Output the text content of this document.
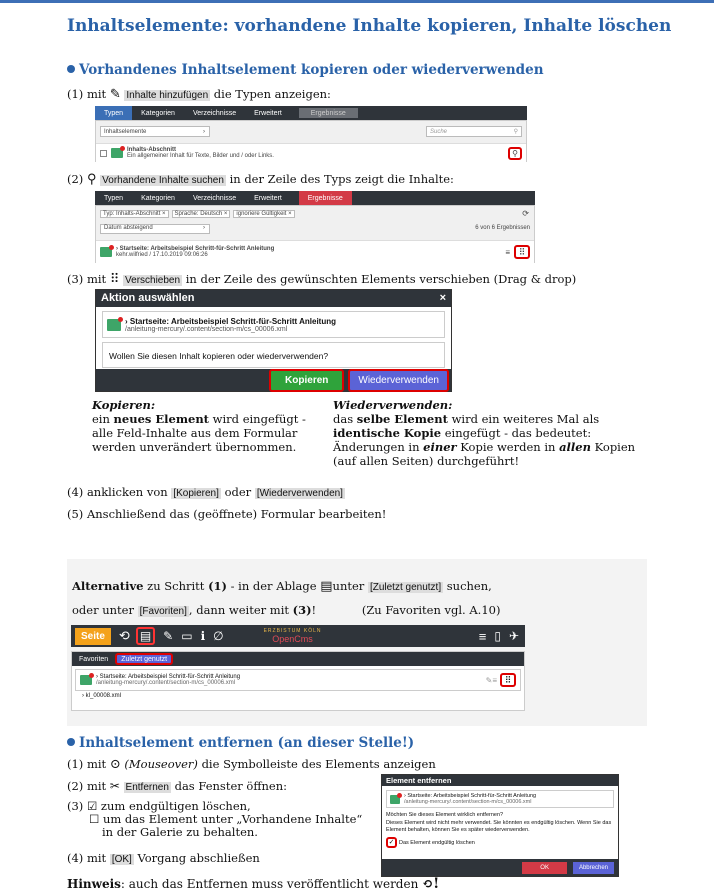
Inhaltselemente: vorhandene Inhalte kopieren, Inhalte löschen
Vorhandenes Inhaltselement kopieren oder wiederverwenden
(1) mit ✎ Inhalte hinzufügen die Typen anzeigen:
Typen	Kategorien	Verzeichnisse	Erweitert	Ergebnisse
Inhaltselemente	›	Suche	⚲
Inhalts-Abschnitt
Ein allgemeiner Inhalt für Texte, Bilder und / oder Links.	⚲
(2) ⚲ Vorhandene Inhalte suchen in der Zeile des Typs zeigt die Inhalte:
Typen	Kategorien	Verzeichnisse	Erweitert	Ergebnisse
Typ: Inhalts-Abschnitt ×	Sprache: Deutsch ×	ignoriere Gültigkeit ×	⟳
Datum absteigend	›	6 von 6 Ergebnissen
› Startseite: Arbeitsbeispiel Schritt-für-Schritt Anleitung
kehr.wilfried / 17.10.2019 09:06:26	≡ ⠿
(3) mit ⠿ Verschieben in der Zeile des gewünschten Elements verschieben (Drag & drop)
Aktion auswählen	×
› Startseite: Arbeitsbeispiel Schritt-für-Schritt Anleitung
/anleitung-mercury/.content/section-m/cs_00006.xml
Wollen Sie diesen Inhalt kopieren oder wiederverwenden?
Kopieren	Wiederverwenden
Kopieren:
ein neues Element wird eingefügt -
alle Feld-Inhalte aus dem Formular
werden unverändert übernommen.
Wiederverwenden:
das selbe Element wird ein weiteres Mal als
identische Kopie eingefügt - das bedeutet:
Änderungen in einer Kopie werden in allen Kopien
(auf allen Seiten) durchgeführt!
(4) anklicken von [Kopieren] oder [Wiederverwenden]
(5) Anschließend das (geöffnete) Formular bearbeiten!
Alternative zu Schritt (1) - in der Ablage ▤unter [Zuletzt genutzt] suchen,
oder unter [Favoriten] , dann weiter mit (3)!	(Zu Favoriten vgl. A.10)
Seite	⟲ ▤	✎ ▭ ℹ ∅	ERZBISTUM KÖLN
OpenCms	≡ ▯ ✈
Favoriten	Zuletzt genutzt
› Startseite: Arbeitsbeispiel Schritt-für-Schritt Anleitung
/anleitung-mercury/.content/section-m/cs_00006.xml	✎≡ ⠿
› kl_00008.xml
Inhaltselement entfernen (an dieser Stelle!)
(1) mit ⊙ (Mouseover) die Symbolleiste des Elements anzeigen
(2) mit ✂ Entfernen das Fenster öffnen:
(3) ☑ zum endgültigen löschen,
☐ um das Element unter „Vorhandene Inhalte“
in der Galerie zu behalten.
(4) mit [OK] Vorgang abschließen
Element entfernen
› Startseite: Arbeitsbeispiel Schritt-für-Schritt Anleitung
/anleitung-mercury/.content/section-m/cs_00006.xml
Möchten Sie dieses Element wirklich entfernen?
Dieses Element wird nicht mehr verwendet. Sie könnten es endgültig löschen. Wenn Sie das Element behalten, können Sie es später wiederverwenden.
✓ Das Element endgültig löschen
OK	Abbrechen
Hinweis: auch das Entfernen muss veröffentlicht werden ⟲!
